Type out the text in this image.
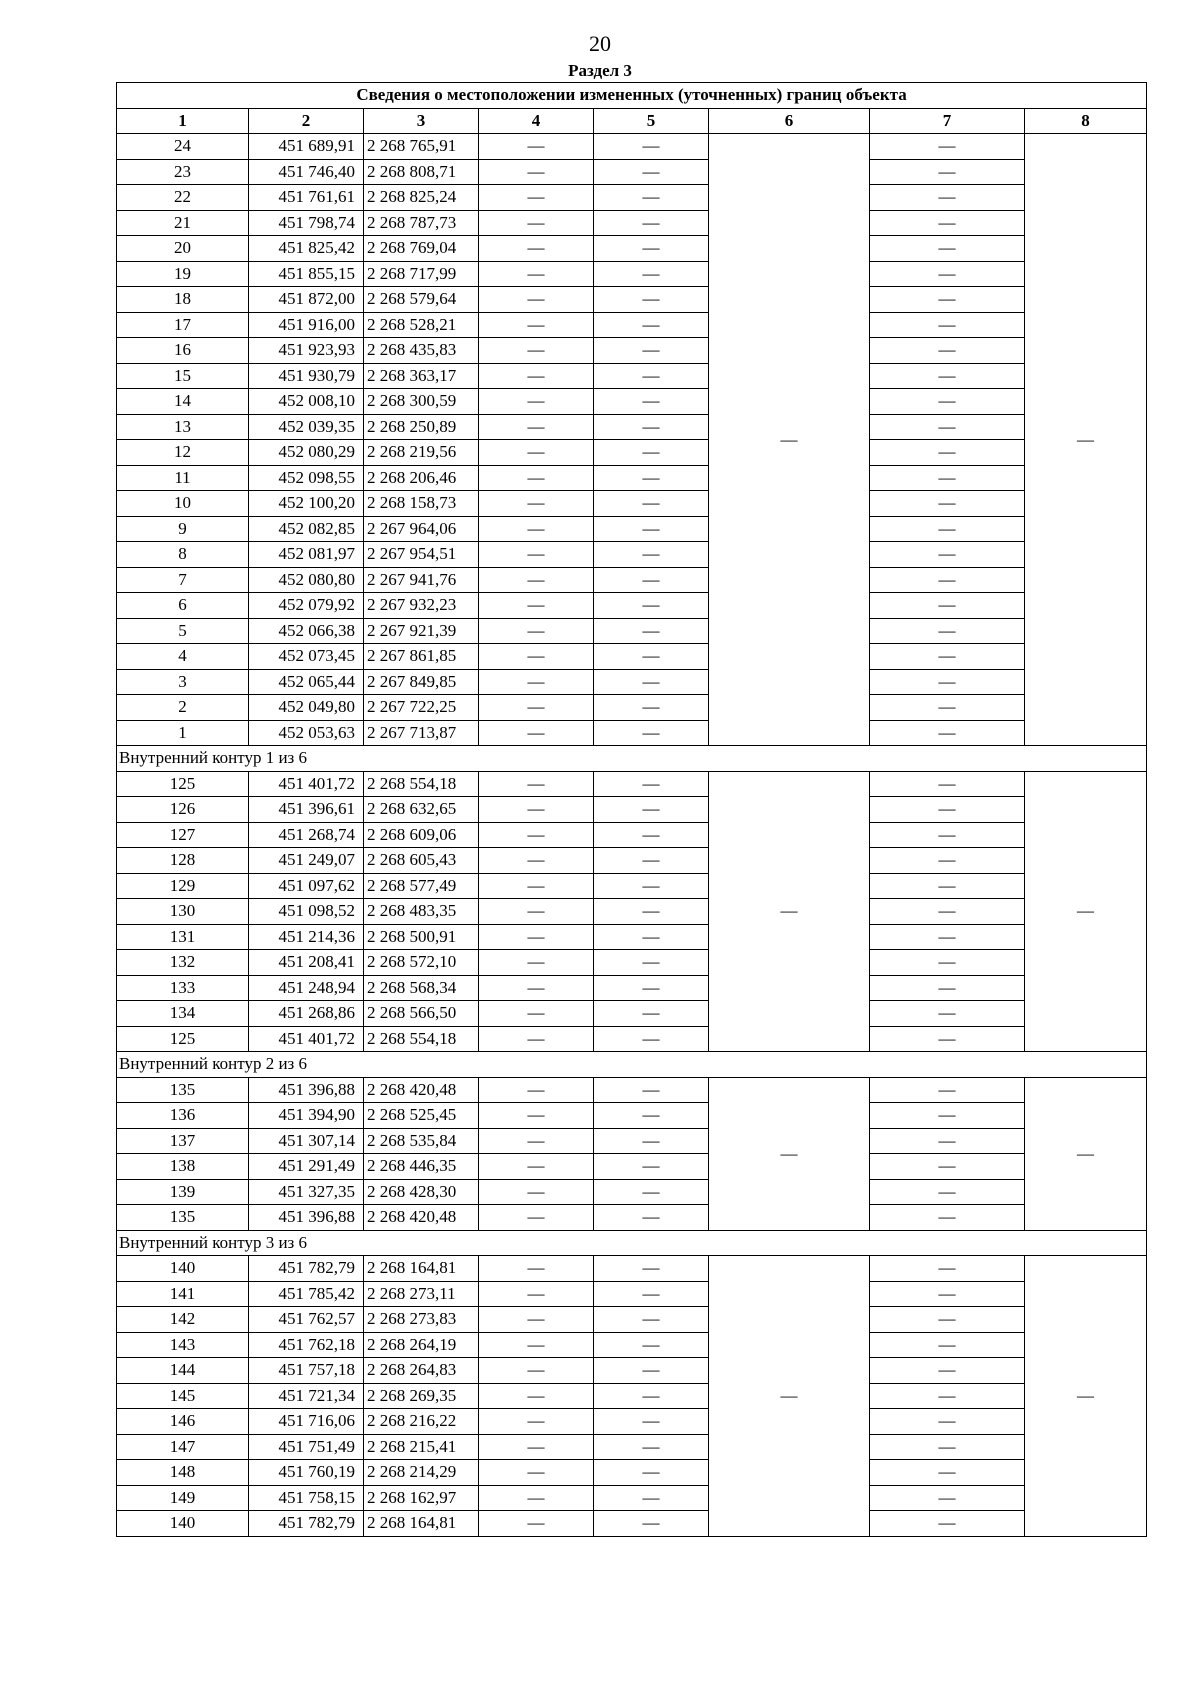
20
Раздел 3
Сведения о местоположении измененных (уточненных) границ объекта							
1	2	3	4	5	6	7	8
24	451 689,91	2 268 765,91	—	—	—	—	—
23	451 746,40	2 268 808,71	—	—		—	
22	451 761,61	2 268 825,24	—	—		—	
21	451 798,74	2 268 787,73	—	—		—	
20	451 825,42	2 268 769,04	—	—		—	
19	451 855,15	2 268 717,99	—	—		—	
18	451 872,00	2 268 579,64	—	—		—	
17	451 916,00	2 268 528,21	—	—		—	
16	451 923,93	2 268 435,83	—	—		—	
15	451 930,79	2 268 363,17	—	—		—	
14	452 008,10	2 268 300,59	—	—		—	
13	452 039,35	2 268 250,89	—	—		—	
12	452 080,29	2 268 219,56	—	—		—	
11	452 098,55	2 268 206,46	—	—		—	
10	452 100,20	2 268 158,73	—	—		—	
9	452 082,85	2 267 964,06	—	—		—	
8	452 081,97	2 267 954,51	—	—		—	
7	452 080,80	2 267 941,76	—	—		—	
6	452 079,92	2 267 932,23	—	—		—	
5	452 066,38	2 267 921,39	—	—		—	
4	452 073,45	2 267 861,85	—	—		—	
3	452 065,44	2 267 849,85	—	—		—	
2	452 049,80	2 267 722,25	—	—		—	
1	452 053,63	2 267 713,87	—	—		—	
Внутренний контур 1 из 6							
125	451 401,72	2 268 554,18	—	—	—	—	—
126	451 396,61	2 268 632,65	—	—		—	
127	451 268,74	2 268 609,06	—	—		—	
128	451 249,07	2 268 605,43	—	—		—	
129	451 097,62	2 268 577,49	—	—		—	
130	451 098,52	2 268 483,35	—	—		—	
131	451 214,36	2 268 500,91	—	—		—	
132	451 208,41	2 268 572,10	—	—		—	
133	451 248,94	2 268 568,34	—	—		—	
134	451 268,86	2 268 566,50	—	—		—	
125	451 401,72	2 268 554,18	—	—		—	
Внутренний контур 2 из 6							
135	451 396,88	2 268 420,48	—	—	—	—	—
136	451 394,90	2 268 525,45	—	—		—	
137	451 307,14	2 268 535,84	—	—		—	
138	451 291,49	2 268 446,35	—	—		—	
139	451 327,35	2 268 428,30	—	—		—	
135	451 396,88	2 268 420,48	—	—		—	
Внутренний контур 3 из 6							
140	451 782,79	2 268 164,81	—	—	—	—	—
141	451 785,42	2 268 273,11	—	—		—	
142	451 762,57	2 268 273,83	—	—		—	
143	451 762,18	2 268 264,19	—	—		—	
144	451 757,18	2 268 264,83	—	—		—	
145	451 721,34	2 268 269,35	—	—		—	
146	451 716,06	2 268 216,22	—	—		—	
147	451 751,49	2 268 215,41	—	—		—	
148	451 760,19	2 268 214,29	—	—		—	
149	451 758,15	2 268 162,97	—	—		—	
140	451 782,79	2 268 164,81	—	—		—	
